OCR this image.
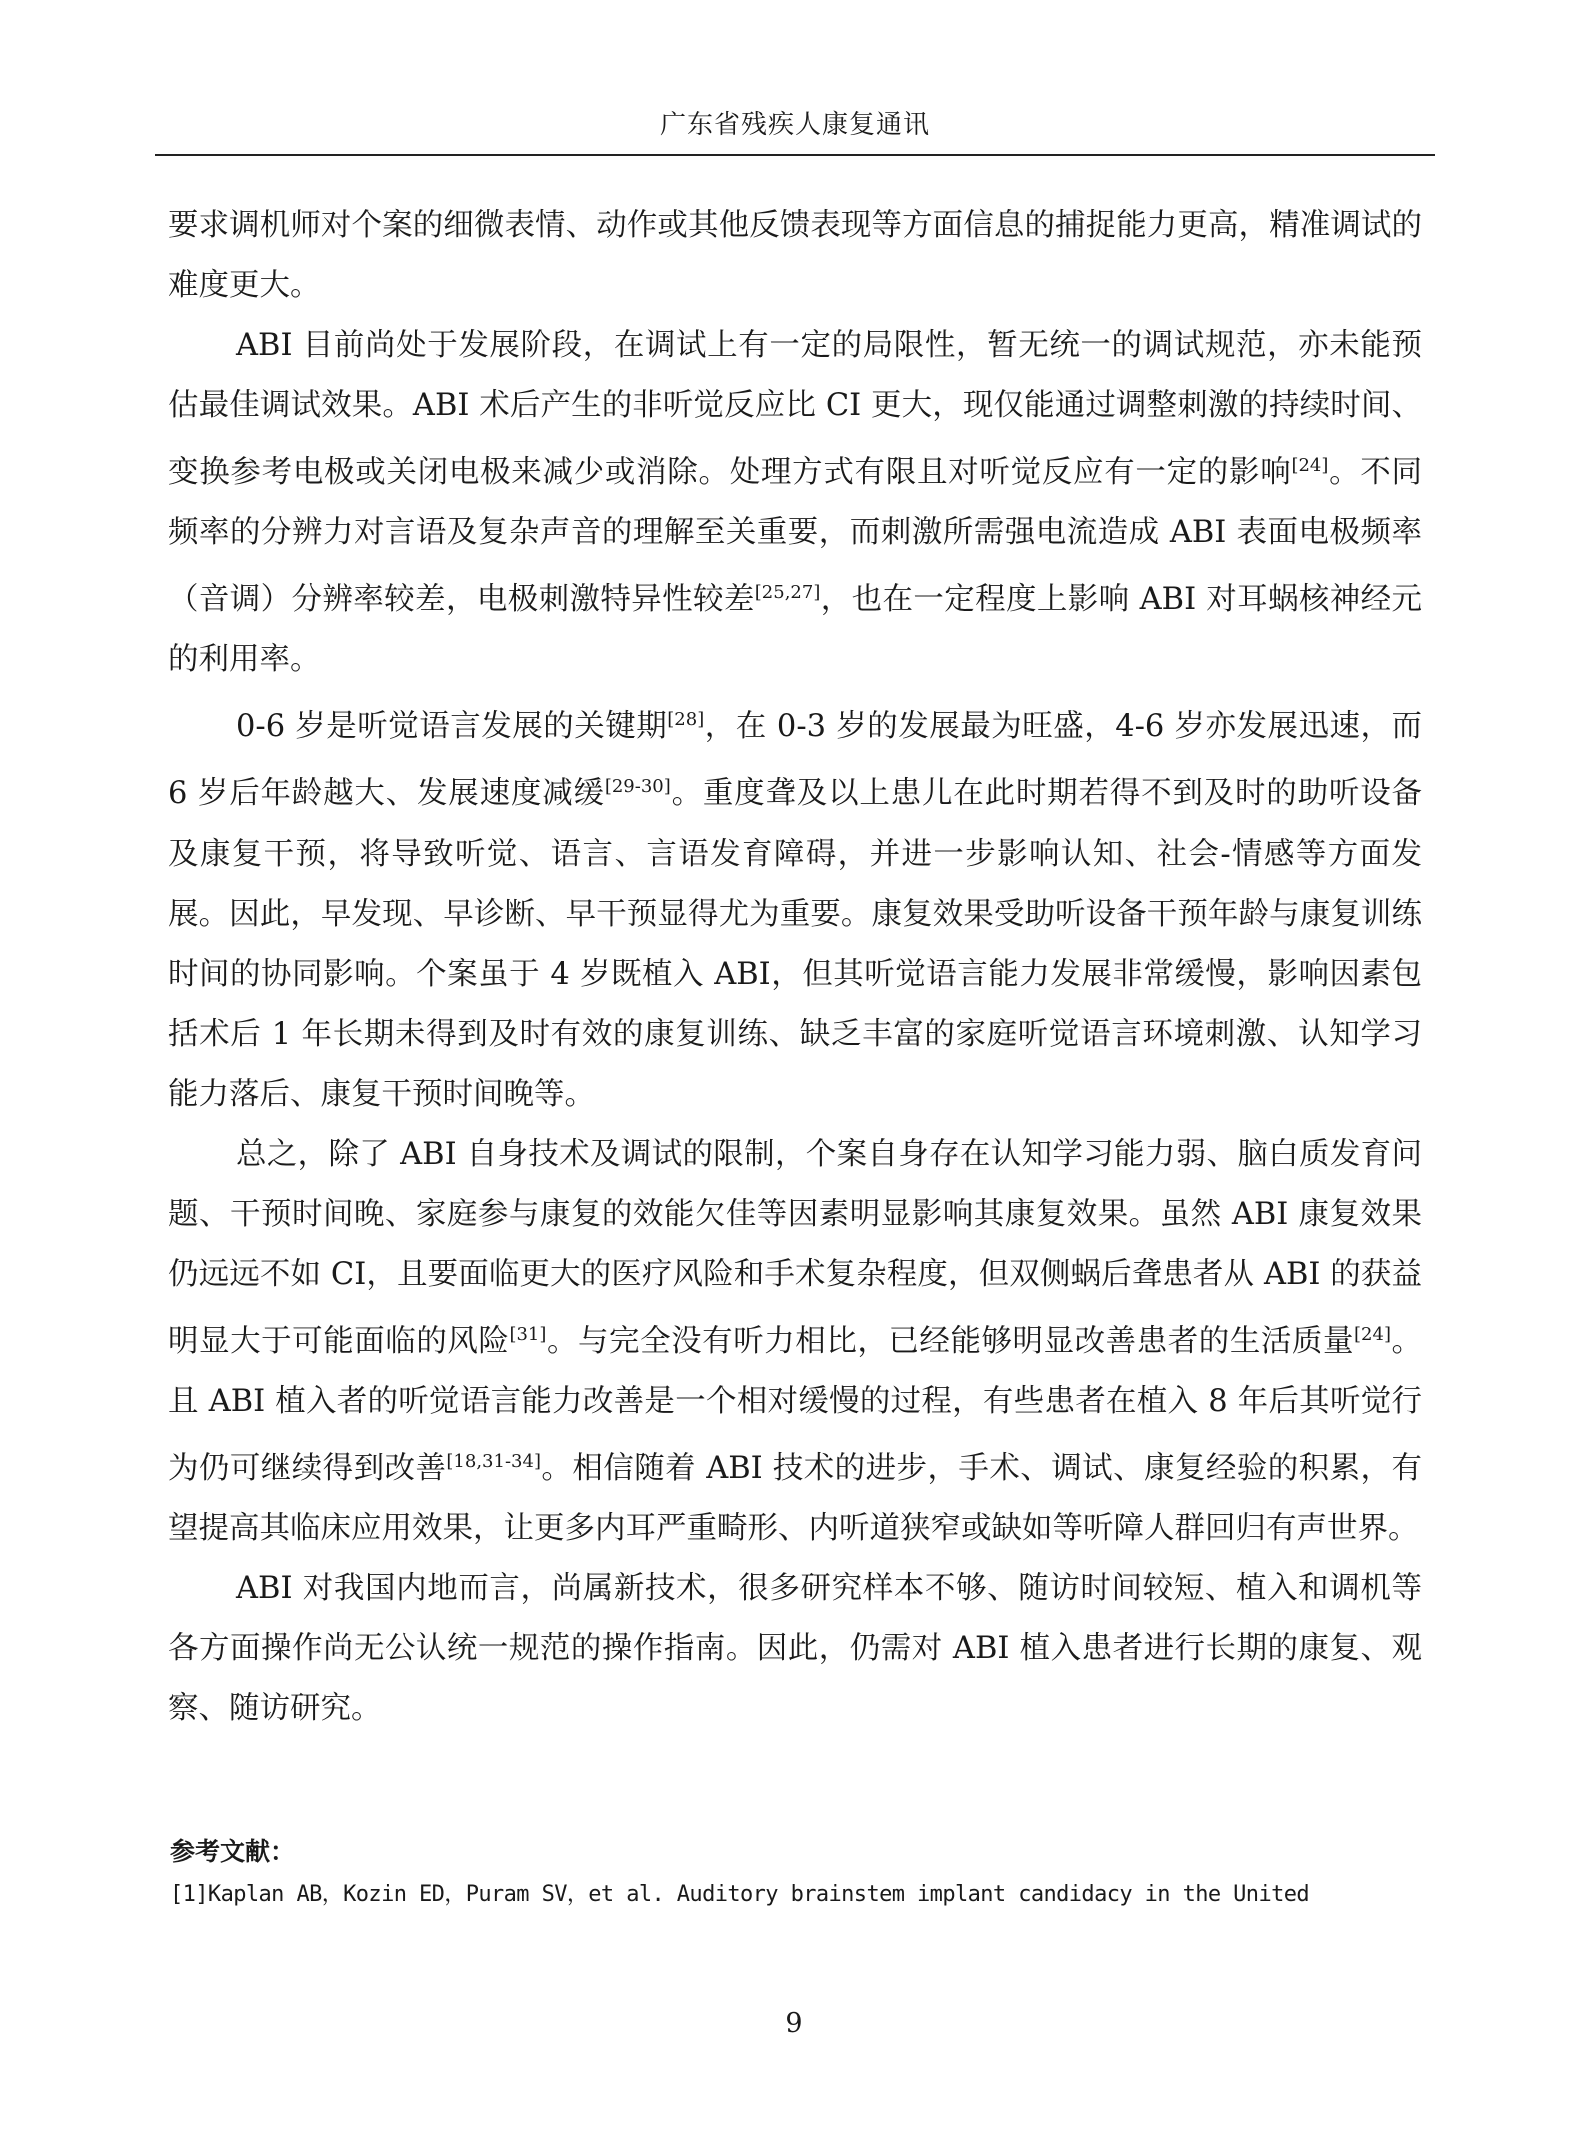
广东省残疾人康复通讯

要求调机师对个案的细微表情、动作或其他反馈表现等方面信息的捕捉能力更高，精准调试的难度更大。

ABI 目前尚处于发展阶段，在调试上有一定的局限性，暂无统一的调试规范，亦未能预估最佳调试效果。ABI 术后产生的非听觉反应比 CI 更大，现仅能通过调整刺激的持续时间、变换参考电极或关闭电极来减少或消除。处理方式有限且对听觉反应有一定的影响[24]。不同频率的分辨力对言语及复杂声音的理解至关重要，而刺激所需强电流造成 ABI 表面电极频率（音调）分辨率较差，电极刺激特异性较差[25,27]，也在一定程度上影响 ABI 对耳蜗核神经元的利用率。

0-6 岁是听觉语言发展的关键期[28]，在 0-3 岁的发展最为旺盛，4-6 岁亦发展迅速，而 6 岁后年龄越大、发展速度减缓[29-30]。重度聋及以上患儿在此时期若得不到及时的助听设备及康复干预，将导致听觉、语言、言语发育障碍，并进一步影响认知、社会-情感等方面发展。因此，早发现、早诊断、早干预显得尤为重要。康复效果受助听设备干预年龄与康复训练时间的协同影响。个案虽于 4 岁既植入 ABI，但其听觉语言能力发展非常缓慢，影响因素包括术后 1 年长期未得到及时有效的康复训练、缺乏丰富的家庭听觉语言环境刺激、认知学习能力落后、康复干预时间晚等。

总之，除了 ABI 自身技术及调试的限制，个案自身存在认知学习能力弱、脑白质发育问题、干预时间晚、家庭参与康复的效能欠佳等因素明显影响其康复效果。虽然 ABI 康复效果仍远远不如 CI，且要面临更大的医疗风险和手术复杂程度，但双侧蜗后聋患者从 ABI 的获益明显大于可能面临的风险[31]。与完全没有听力相比，已经能够明显改善患者的生活质量[24]。且 ABI 植入者的听觉语言能力改善是一个相对缓慢的过程，有些患者在植入 8 年后其听觉行为仍可继续得到改善[18,31-34]。相信随着 ABI 技术的进步，手术、调试、康复经验的积累，有望提高其临床应用效果，让更多内耳严重畸形、内听道狭窄或缺如等听障人群回归有声世界。

ABI 对我国内地而言，尚属新技术，很多研究样本不够、随访时间较短、植入和调机等各方面操作尚无公认统一规范的操作指南。因此，仍需对 ABI 植入患者进行长期的康复、观察、随访研究。

参考文献：
[1]Kaplan AB，Kozin ED，Puram SV，et al. Auditory brainstem implant candidacy in the United
9
